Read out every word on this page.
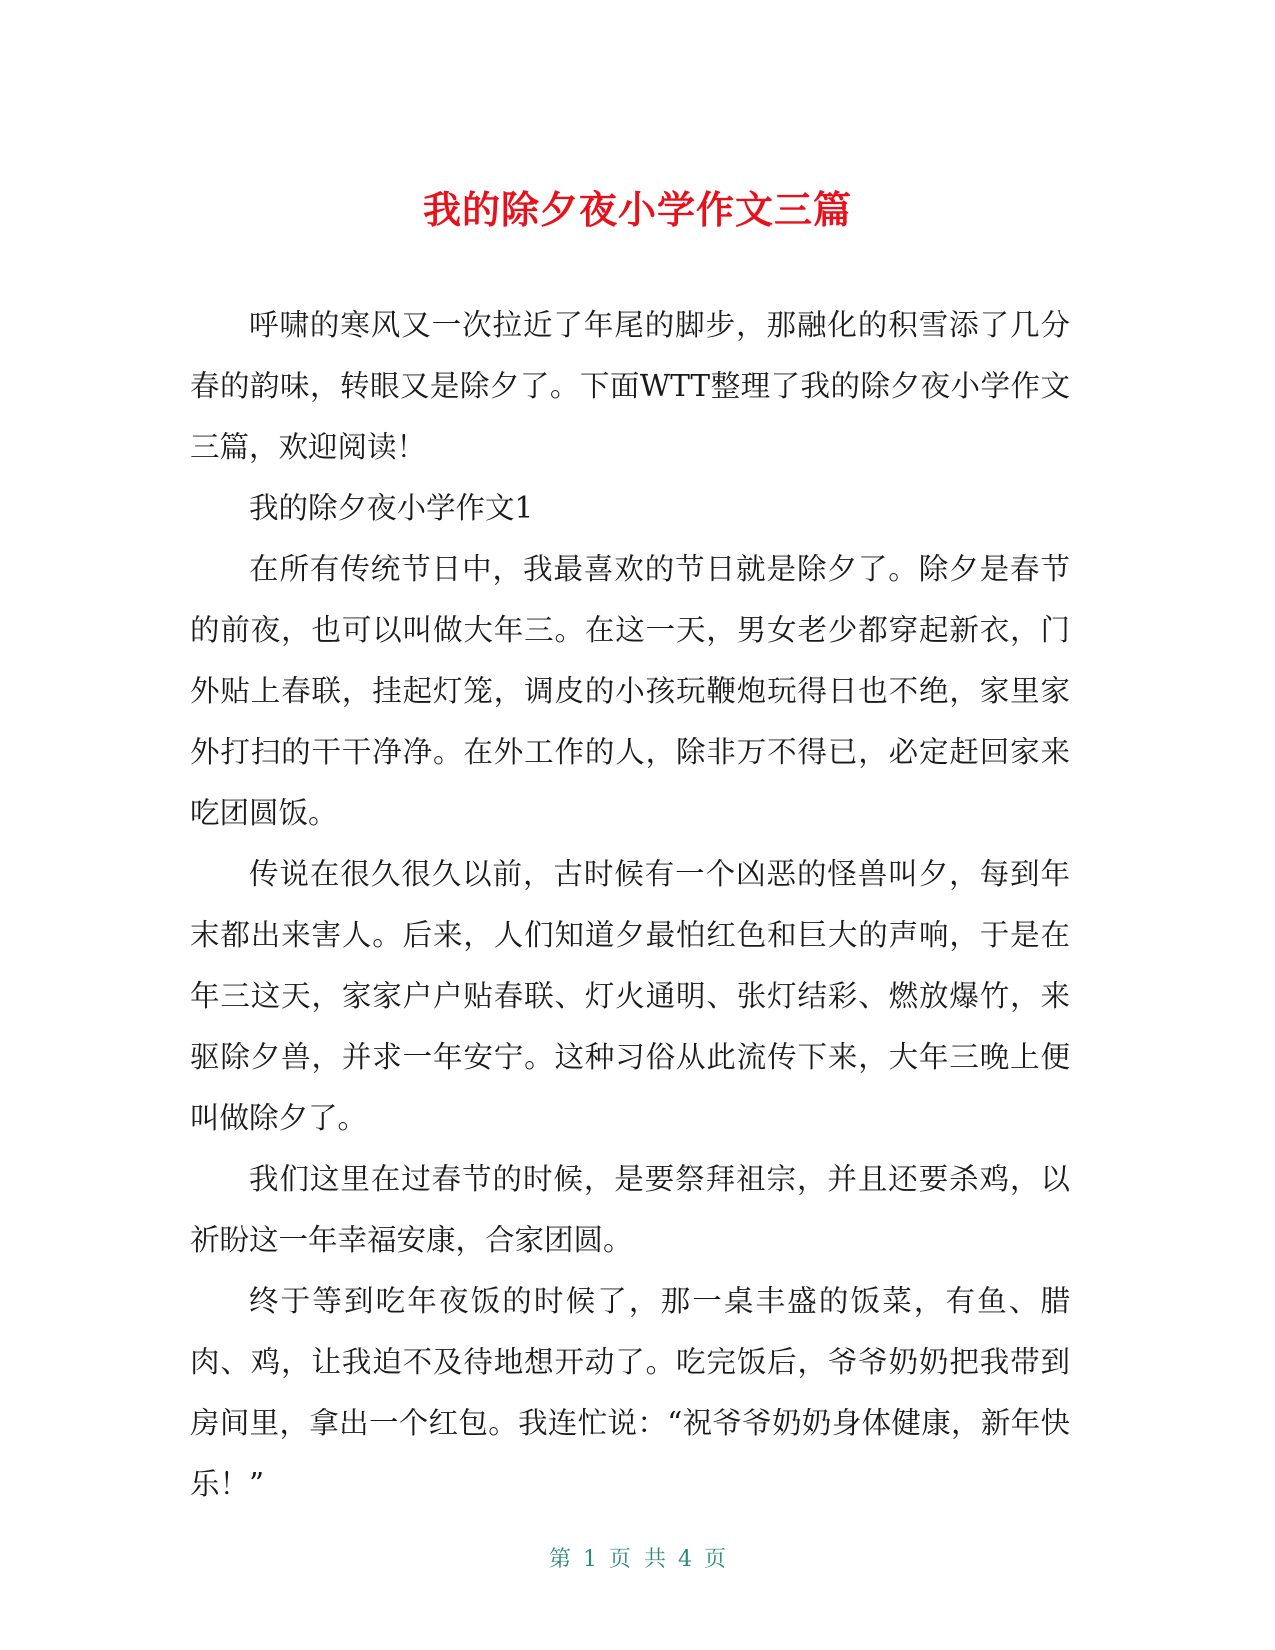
我的除夕夜小学作文三篇

呼啸的寒风又一次拉近了年尾的脚步，那融化的积雪添了几分春的韵味，转眼又是除夕了。下面WTT整理了我的除夕夜小学作文三篇，欢迎阅读！

我的除夕夜小学作文1

在所有传统节日中，我最喜欢的节日就是除夕了。除夕是春节的前夜，也可以叫做大年三。在这一天，男女老少都穿起新衣，门外贴上春联，挂起灯笼，调皮的小孩玩鞭炮玩得日也不绝，家里家外打扫的干干净净。在外工作的人，除非万不得已，必定赶回家来吃团圆饭。

传说在很久很久以前，古时候有一个凶恶的怪兽叫夕，每到年末都出来害人。后来，人们知道夕最怕红色和巨大的声响，于是在年三这天，家家户户贴春联、灯火通明、张灯结彩、燃放爆竹，来驱除夕兽，并求一年安宁。这种习俗从此流传下来，大年三晚上便叫做除夕了。

我们这里在过春节的时候，是要祭拜祖宗，并且还要杀鸡，以祈盼这一年幸福安康，合家团圆。

终于等到吃年夜饭的时候了，那一桌丰盛的饭菜，有鱼、腊肉、鸡，让我迫不及待地想开动了。吃完饭后，爷爷奶奶把我带到房间里，拿出一个红包。我连忙说：“祝爷爷奶奶身体健康，新年快乐！”

第 1 页 共 4 页
